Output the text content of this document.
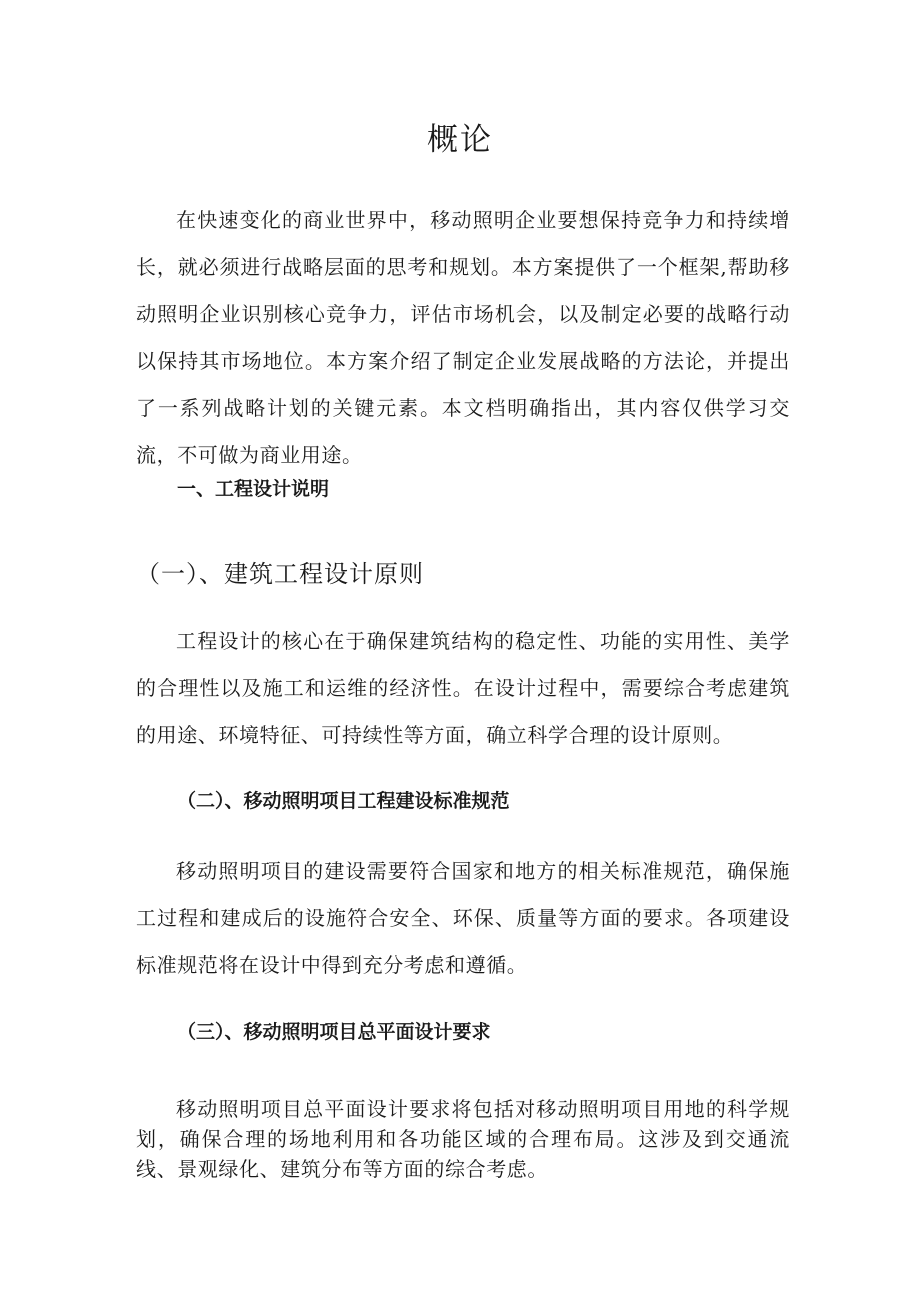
概论

在快速变化的商业世界中，移动照明企业要想保持竞争力和持续增长，就必须进行战略层面的思考和规划。本方案提供了一个框架,帮助移动照明企业识别核心竞争力，评估市场机会，以及制定必要的战略行动以保持其市场地位。本方案介绍了制定企业发展战略的方法论，并提出了一系列战略计划的关键元素。本文档明确指出，其内容仅供学习交流，不可做为商业用途。

一、工程设计说明
（一）、建筑工程设计原则

工程设计的核心在于确保建筑结构的稳定性、功能的实用性、美学的合理性以及施工和运维的经济性。在设计过程中，需要综合考虑建筑的用途、环境特征、可持续性等方面，确立科学合理的设计原则。

（二）、移动照明项目工程建设标准规范

移动照明项目的建设需要符合国家和地方的相关标准规范，确保施工过程和建成后的设施符合安全、环保、质量等方面的要求。各项建设标准规范将在设计中得到充分考虑和遵循。

（三）、移动照明项目总平面设计要求

移动照明项目总平面设计要求将包括对移动照明项目用地的科学规划，确保合理的场地利用和各功能区域的合理布局。这涉及到交通流线、景观绿化、建筑分布等方面的综合考虑。
